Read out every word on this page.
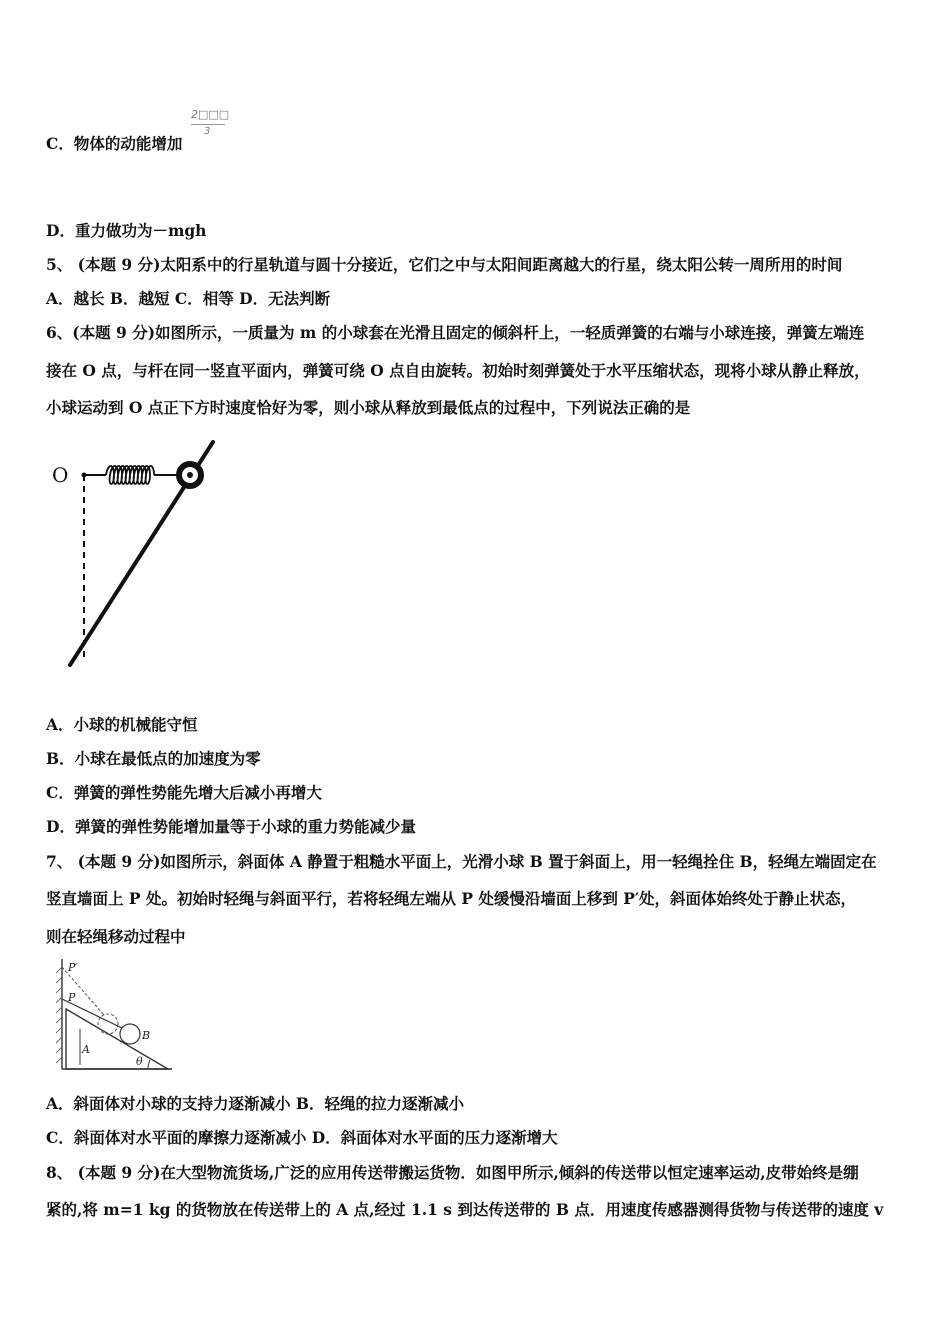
C．物体的动能增加
2□□□
3
D．重力做功为－mgh
5、 (本题 9 分)太阳系中的行星轨道与圆十分接近，它们之中与太阳间距离越大的行星，绕太阳公转一周所用的时间
A．越长 B．越短 C．相等 D．无法判断
6、(本题 9 分)如图所示，一质量为 m 的小球套在光滑且固定的倾斜杆上，一轻质弹簧的右端与小球连接，弹簧左端连
接在 O 点，与杆在同一竖直平面内，弹簧可绕 O 点自由旋转。初始时刻弹簧处于水平压缩状态，现将小球从静止释放，
小球运动到 O 点正下方时速度恰好为零，则小球从释放到最低点的过程中，下列说法正确的是
O
A．小球的机械能守恒
B．小球在最低点的加速度为零
C．弹簧的弹性势能先增大后减小再增大
D．弹簧的弹性势能增加量等于小球的重力势能减少量
7、 (本题 9 分)如图所示，斜面体 A 静置于粗糙水平面上，光滑小球 B 置于斜面上，用一轻绳拴住 B，轻绳左端固定在
竖直墙面上 P 处。初始时轻绳与斜面平行，若将轻绳左端从 P 处缓慢沿墙面上移到 P′处，斜面体始终处于静止状态，
则在轻绳移动过程中
P′
P
A
B
θ
A．斜面体对小球的支持力逐渐减小 B．轻绳的拉力逐渐减小
C．斜面体对水平面的摩擦力逐渐减小 D．斜面体对水平面的压力逐渐增大
8、 (本题 9 分)在大型物流货场,广泛的应用传送带搬运货物．如图甲所示,倾斜的传送带以恒定速率运动,皮带始终是绷
紧的,将 m=1 kg 的货物放在传送带上的 A 点,经过 1.1 s 到达传送带的 B 点．用速度传感器测得货物与传送带的速度 v
